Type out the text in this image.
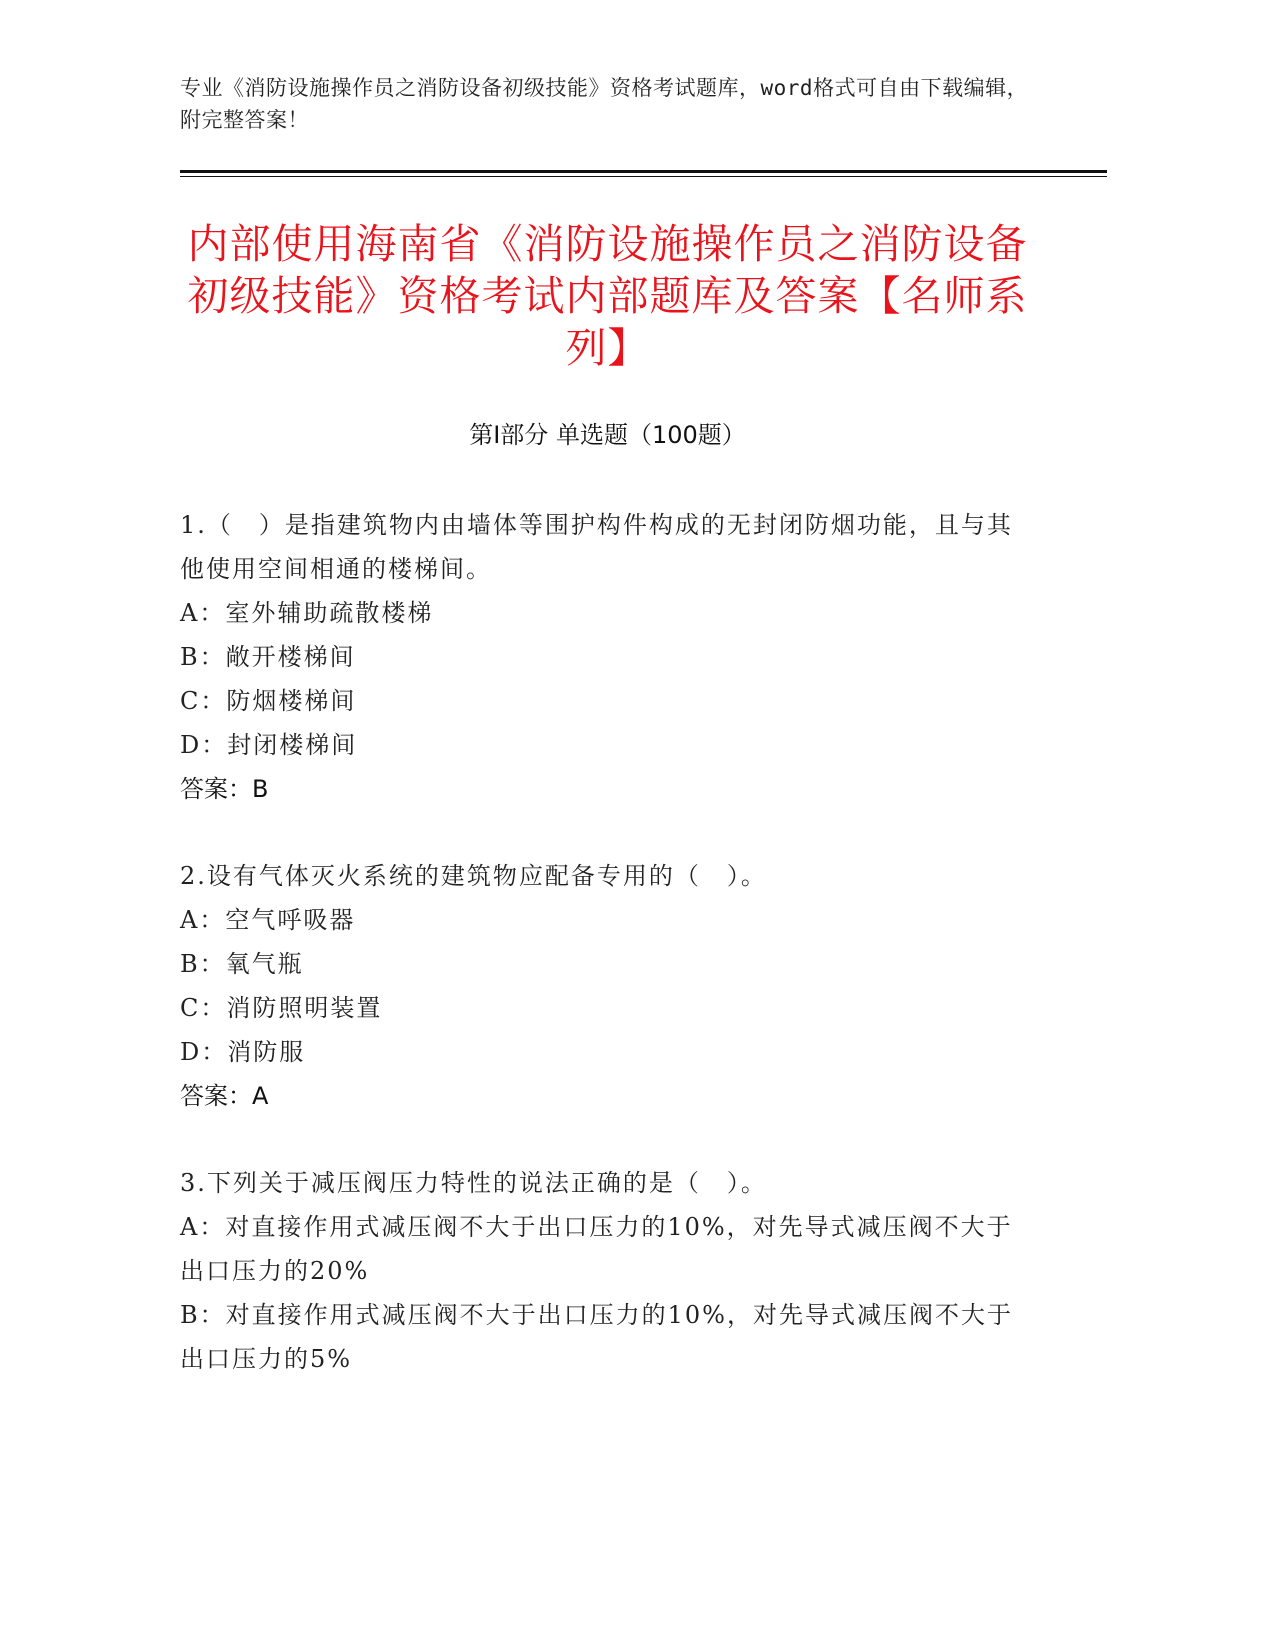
专业《消防设施操作员之消防设备初级技能》资格考试题库，word格式可自由下载编辑，附完整答案！
内部使用海南省《消防设施操作员之消防设备初级技能》资格考试内部题库及答案【名师系列】
第Ⅰ部分 单选题（100题）
1.（　）是指建筑物内由墙体等围护构件构成的无封闭防烟功能，且与其他使用空间相通的楼梯间。
A：室外辅助疏散楼梯
B：敞开楼梯间
C：防烟楼梯间
D：封闭楼梯间
答案：B
2.设有气体灭火系统的建筑物应配备专用的（　）。
A：空气呼吸器
B：氧气瓶
C：消防照明装置
D：消防服
答案：A
3.下列关于减压阀压力特性的说法正确的是（　）。
A：对直接作用式减压阀不大于出口压力的10%，对先导式减压阀不大于出口压力的20%
B：对直接作用式减压阀不大于出口压力的10%，对先导式减压阀不大于出口压力的5%
